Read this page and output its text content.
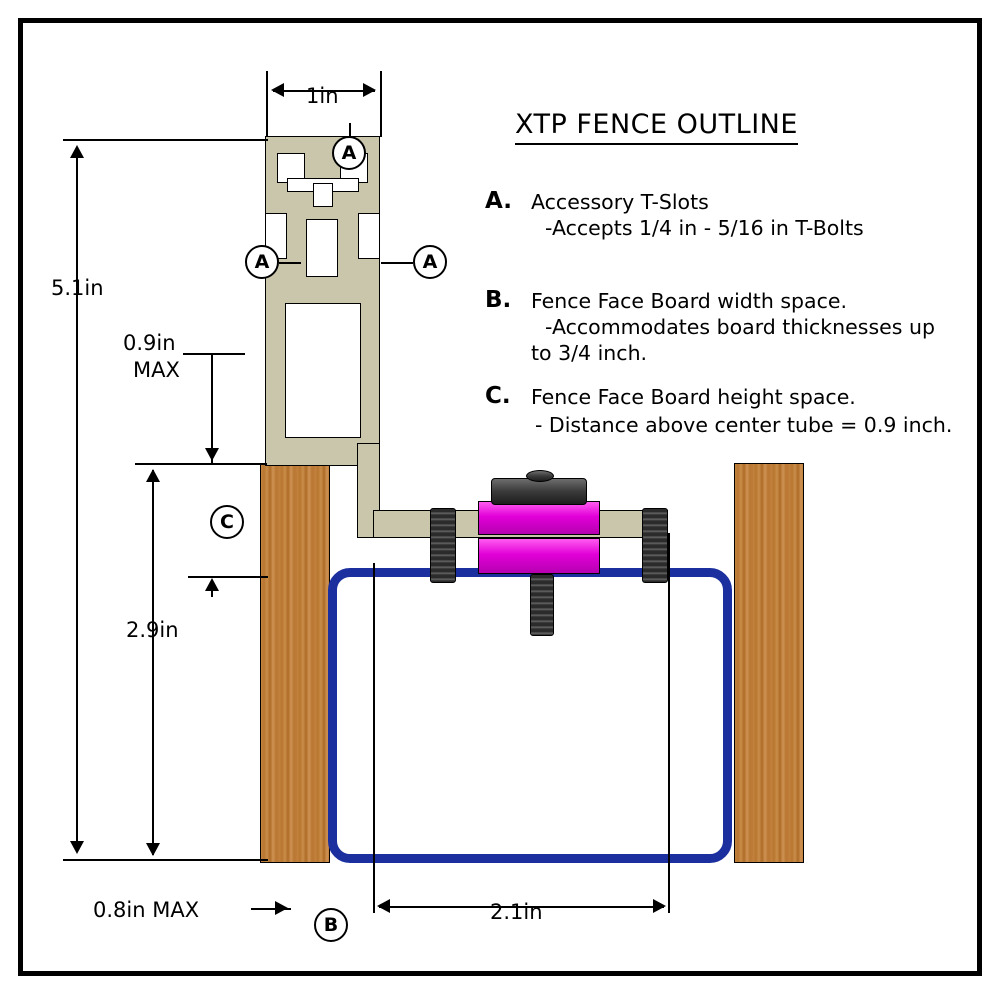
XTP FENCE OUTLINE
A. Accessory T-Slots
-Accepts 1/4 in - 5/16 in T-Bolts
B. Fence Face Board width space.
-Accommodates board thicknesses up
to 3/4 inch.
C. Fence Face Board height space.
- Distance above center tube = 0.9 inch.
A
A	A
C
B
1in
5.1in
0.9in
MAX
2.9in
0.8in MAX	2.1in
